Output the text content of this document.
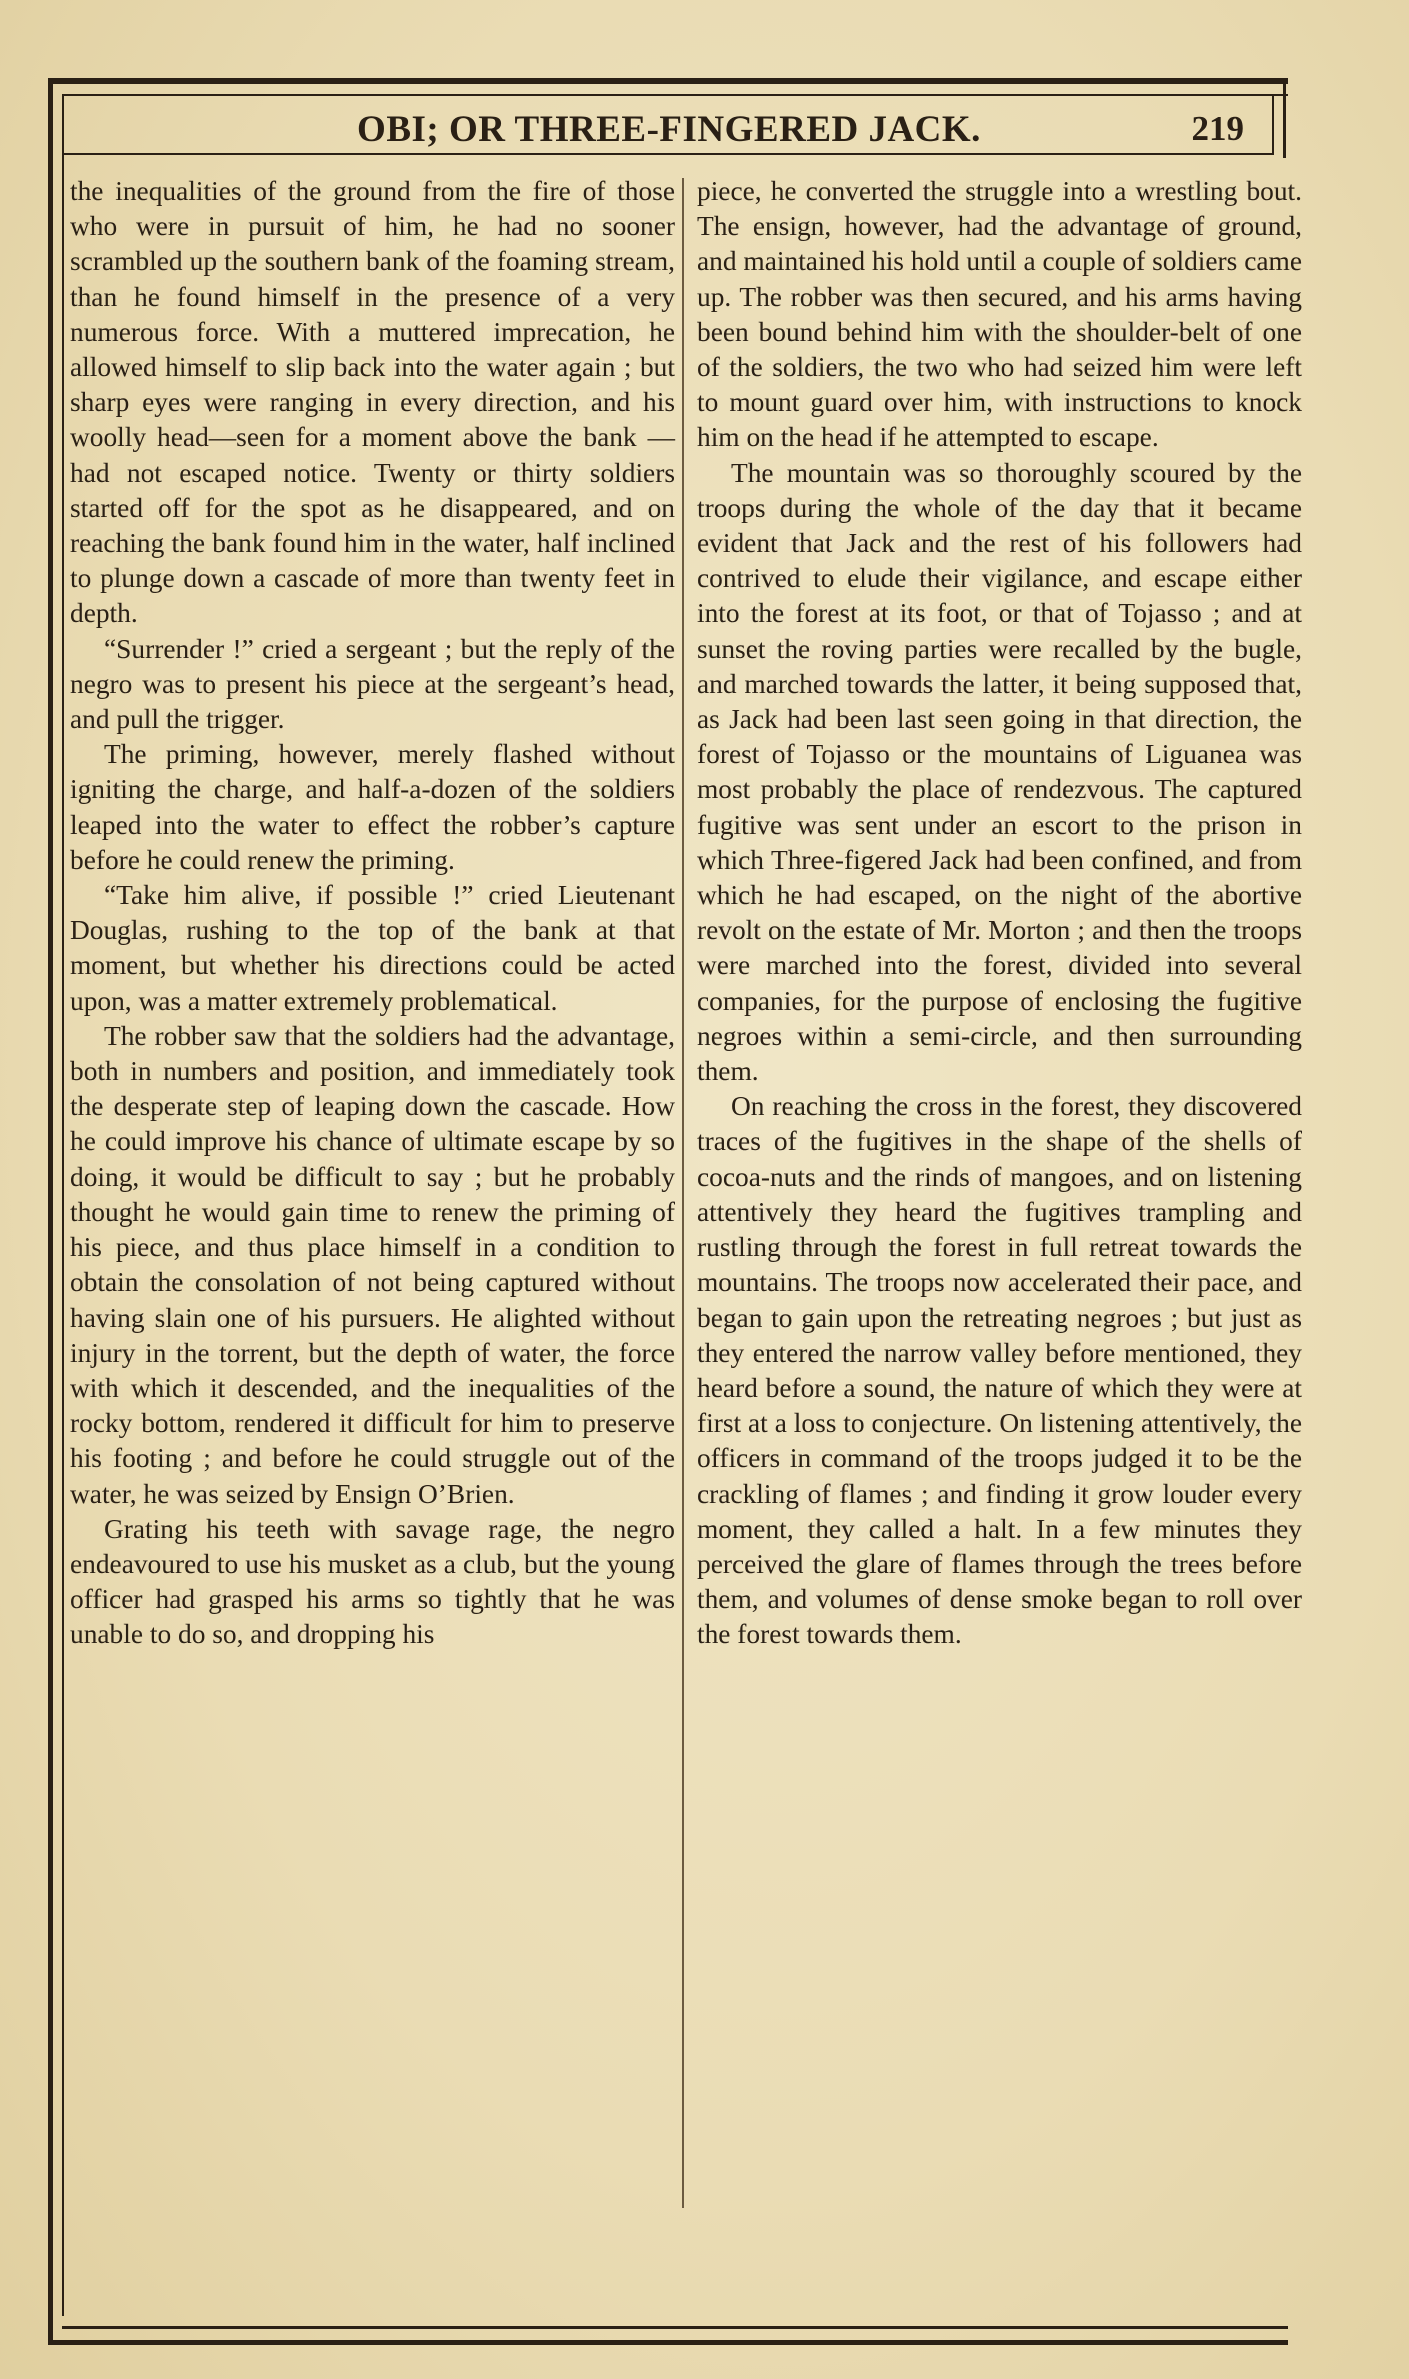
OBI; OR THREE-FINGERED JACK.	219

the inequalities of the ground from the fire of those who were in pursuit of him, he had no sooner scrambled up the southern bank of the foaming stream, than he found himself in the presence of a very numerous force. With a muttered imprecation, he allowed himself to slip back into the water again ; but sharp eyes were ranging in every direction, and his woolly head—seen for a moment above the bank — had not escaped notice. Twenty or thirty soldiers started off for the spot as he disappeared, and on reaching the bank found him in the water, half inclined to plunge down a cascade of more than twenty feet in depth.

“Surrender !” cried a sergeant ; but the reply of the negro was to present his piece at the sergeant’s head, and pull the trigger.

The priming, however, merely flashed without igniting the charge, and half-a-dozen of the soldiers leaped into the water to effect the robber’s capture before he could renew the priming.

“Take him alive, if possible !” cried Lieutenant Douglas, rushing to the top of the bank at that moment, but whether his directions could be acted upon, was a matter extremely problematical.

The robber saw that the soldiers had the advantage, both in numbers and position, and immediately took the desperate step of leaping down the cascade. How he could improve his chance of ultimate escape by so doing, it would be difficult to say ; but he probably thought he would gain time to renew the priming of his piece, and thus place himself in a condition to obtain the consolation of not being captured without having slain one of his pursuers. He alighted without injury in the torrent, but the depth of water, the force with which it descended, and the inequalities of the rocky bottom, rendered it difficult for him to preserve his footing ; and before he could struggle out of the water, he was seized by Ensign O’Brien.

Grating his teeth with savage rage, the negro endeavoured to use his musket as a club, but the young officer had grasped his arms so tightly that he was unable to do so, and dropping his

piece, he converted the struggle into a wrestling bout. The ensign, however, had the advantage of ground, and maintained his hold until a couple of soldiers came up. The robber was then secured, and his arms having been bound behind him with the shoulder-belt of one of the soldiers, the two who had seized him were left to mount guard over him, with instructions to knock him on the head if he attempted to escape.

The mountain was so thoroughly scoured by the troops during the whole of the day that it became evident that Jack and the rest of his followers had contrived to elude their vigilance, and escape either into the forest at its foot, or that of Tojasso ; and at sunset the roving parties were recalled by the bugle, and marched towards the latter, it being supposed that, as Jack had been last seen going in that direction, the forest of Tojasso or the mountains of Liguanea was most probably the place of rendezvous. The captured fugitive was sent under an escort to the prison in which Three-figered Jack had been confined, and from which he had escaped, on the night of the abortive revolt on the estate of Mr. Morton ; and then the troops were marched into the forest, divided into several companies, for the purpose of enclosing the fugitive negroes within a semi-circle, and then surrounding them.

On reaching the cross in the forest, they discovered traces of the fugitives in the shape of the shells of cocoa-nuts and the rinds of mangoes, and on listening attentively they heard the fugitives trampling and rustling through the forest in full retreat towards the mountains. The troops now accelerated their pace, and began to gain upon the retreating negroes ; but just as they entered the narrow valley before mentioned, they heard before a sound, the nature of which they were at first at a loss to conjecture. On listening attentively, the officers in command of the troops judged it to be the crackling of flames ; and finding it grow louder every moment, they called a halt. In a few minutes they perceived the glare of flames through the trees before them, and volumes of dense smoke began to roll over the forest towards them.
